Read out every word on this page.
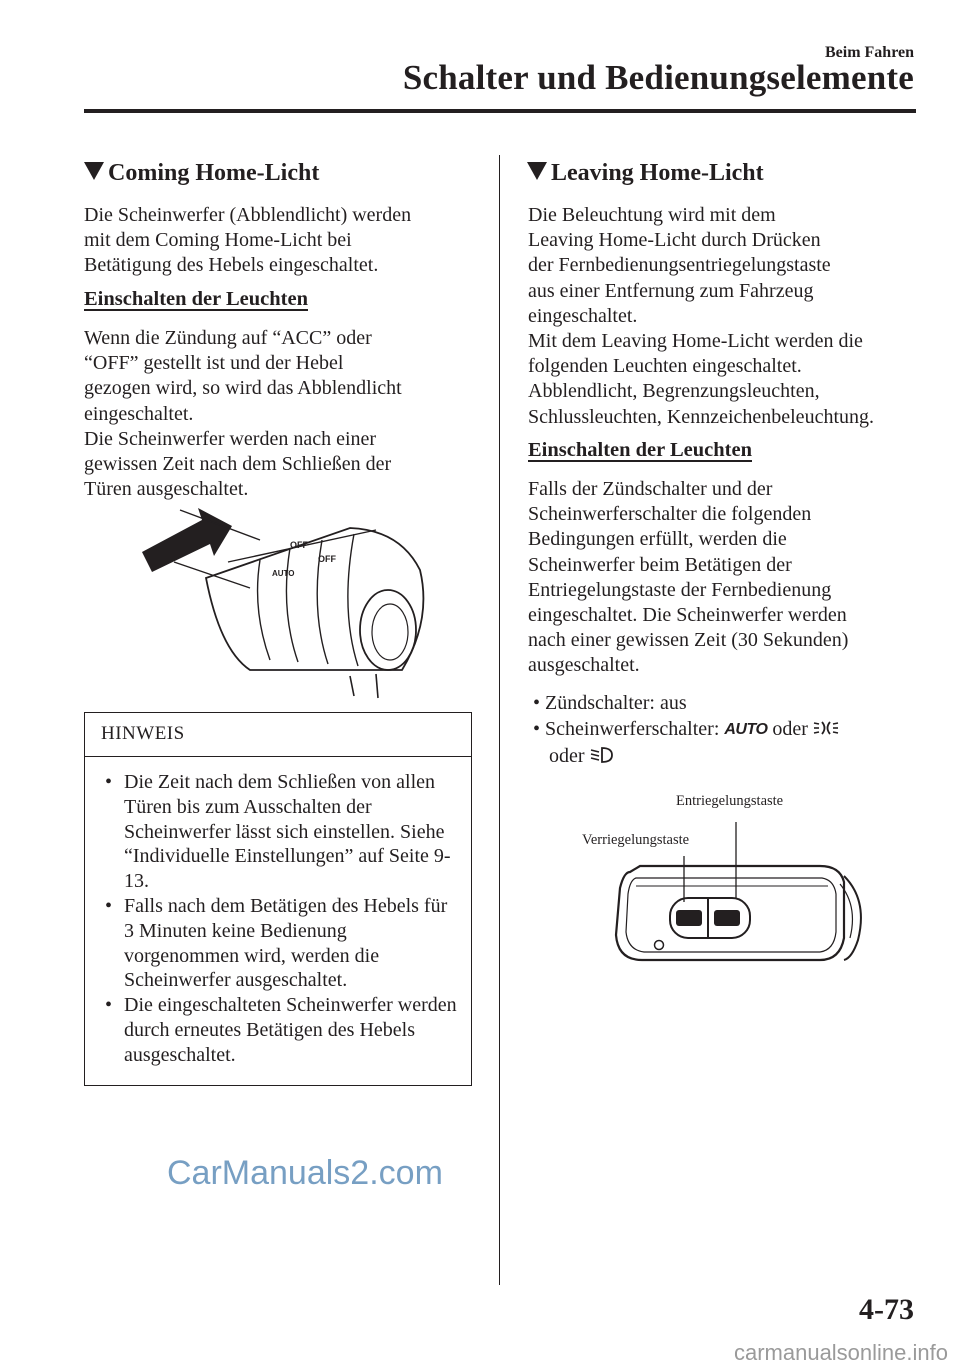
Beim Fahren
Schalter und Bedienungselemente
Coming Home-Licht
Die Scheinwerfer (Abblendlicht) werden
mit dem Coming Home-Licht bei
Betätigung des Hebels eingeschaltet.
Einschalten der Leuchten
Wenn die Zündung auf “ACC” oder
“OFF” gestellt ist und der Hebel
gezogen wird, so wird das Abblendlicht
eingeschaltet.
Die Scheinwerfer werden nach einer
gewissen Zeit nach dem Schließen der
Türen ausgeschaltet.
OFF
AUTO
OFF
HINWEIS
• Die Zeit nach dem Schließen von allen Türen bis zum Ausschalten der Scheinwerfer lässt sich einstellen. Siehe “Individuelle Einstellungen” auf Seite 9-13.
• Falls nach dem Betätigen des Hebels für 3 Minuten keine Bedienung vorgenommen wird, werden die Scheinwerfer ausgeschaltet.
• Die eingeschalteten Scheinwerfer werden durch erneutes Betätigen des Hebels ausgeschaltet.
Leaving Home-Licht
Die Beleuchtung wird mit dem
Leaving Home-Licht durch Drücken
der Fernbedienungsentriegelungstaste
aus einer Entfernung zum Fahrzeug
eingeschaltet.
Mit dem Leaving Home-Licht werden die
folgenden Leuchten eingeschaltet.
Abblendlicht, Begrenzungsleuchten,
Schlussleuchten, Kennzeichenbeleuchtung.
Einschalten der Leuchten
Falls der Zündschalter und der
Scheinwerferschalter die folgenden
Bedingungen erfüllt, werden die
Scheinwerfer beim Betätigen der
Entriegelungstaste der Fernbedienung
eingeschaltet. Die Scheinwerfer werden
nach einer gewissen Zeit (30 Sekunden)
ausgeschaltet.
• Zündschalter: aus
• Scheinwerferschalter: AUTO oder
oder
Entriegelungstaste
Verriegelungstaste
CarManuals2.com
4-73
carmanualsonline.info
